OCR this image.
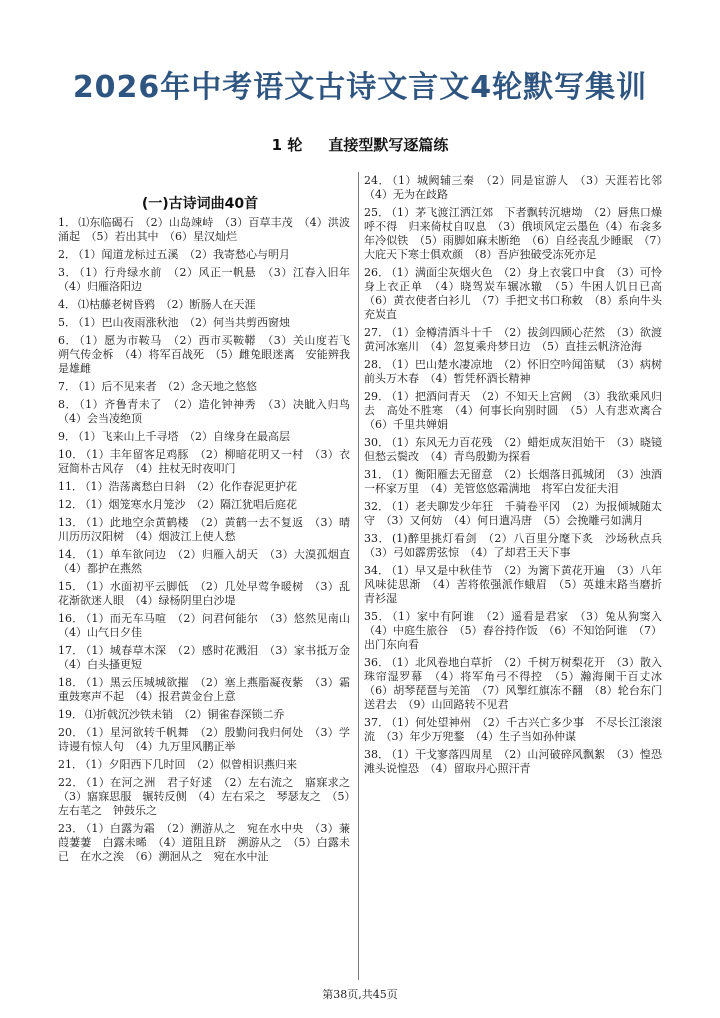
2026年中考语文古诗文言文4轮默写集训
1 轮 直接型默写逐篇练
(一)古诗词曲40首

1． ⑴东临碣石　（2）山岛竦峙　（3）百草丰茂　（4）洪波涌起　（5）若出其中　（6）星汉灿烂

2． （1）闻道龙标过五溪　（2）我寄愁心与明月

3． （1）行舟绿水前　（2）风正一帆悬　（3）江春入旧年　（4）归雁洛阳边

4． ⑴枯藤老树昏鸦　（2）断肠人在天涯

5． （1）巴山夜雨涨秋池　（2）何当共剪西窗烛

6． （1）愿为市鞍马　（2）西市买鞍鞯　（3）关山度若飞　朔气传金柝　（4）将军百战死　（5）雌兔眼迷离　安能辨我是雄雌

7． （1）后不见来者　（2）念天地之悠悠

8． （1）齐鲁青未了　（2）造化钟神秀　（3）决眦入归鸟　（4）会当凌绝顶

9． （1）飞来山上千寻塔　（2）自缘身在最高层

10． （1）丰年留客足鸡豚　（2）柳暗花明又一村　（3）衣冠简朴古风存　（4）拄杖无时夜叩门

11． （1）浩荡离愁白日斜　（2）化作春泥更护花

12． （1）烟笼寒水月笼沙　（2）隔江犹唱后庭花

13． （1）此地空余黄鹤楼　（2）黄鹤一去不复返　（3）晴川历历汉阳树　（4）烟波江上使人愁

14． （1）单车欲问边　（2）归雁入胡天　（3）大漠孤烟直　（4）都护在燕然

15． （1）水面初平云脚低　（2）几处早莺争暖树　（3）乱花渐欲迷人眼　（4）绿杨阴里白沙堤

16． （1）而无车马喧　（2）问君何能尔　（3）悠然见南山　（4）山气日夕佳

17． （1）城春草木深　（2）感时花溅泪　（3）家书抵万金　（4）白头搔更短

18． （1）黑云压城城欲摧　（2）塞上燕脂凝夜紫　（3）霜重鼓寒声不起　（4）报君黄金台上意

19． ⑴折戟沉沙铁未销　（2）铜雀春深锁二乔

20． （1）星河欲转千帆舞　（2）殷勤问我归何处　（3）学诗谩有惊人句　（4）九万里风鹏正举

21． （1）夕阳西下几时回　（2）似曾相识燕归来

22． （1）在河之洲　君子好逑　（2）左右流之　寤寐求之　（3）寤寐思服　辗转反侧　（4）左右采之　琴瑟友之　（5）左右芼之　钟鼓乐之

23． （1）白露为霜　（2）溯游从之　宛在水中央　（3）蒹葭萋萋　白露未晞　（4）道阻且跻　溯游从之　（5）白露未已　在水之涘　（6）溯洄从之　宛在水中沚

24． （1）城阙辅三秦　（2）同是宦游人　（3）天涯若比邻　（4）无为在歧路

25． （1）茅飞渡江洒江郊　下者飘转沉塘坳　（2）唇焦口燥呼不得　归来倚杖自叹息　（3）俄顷风定云墨色（4）布衾多年冷似铁　（5）雨脚如麻未断绝　（6）自经丧乱少睡眠　（7）大庇天下寒士俱欢颜　（8）吾庐独破受冻死亦足

26． （1）满面尘灰烟火色　（2）身上衣裳口中食　（3）可怜身上衣正单　（4）晓驾炭车辗冰辙　（5）牛困人饥日已高　（6）黄衣使者白衫儿　（7）手把文书口称敕　（8）系向牛头充炭直

27． （1）金樽清酒斗十千　（2）拔剑四顾心茫然　（3）欲渡黄河冰塞川　（4）忽复乘舟梦日边　（5）直挂云帆济沧海

28． （1）巴山楚水凄凉地　（2）怀旧空吟闻笛赋　（3）病树前头万木春　（4）暂凭杯酒长精神

29． （1）把酒问青天　（2）不知天上宫阙　（3）我欲乘风归去　高处不胜寒　（4）何事长向别时圆　（5）人有悲欢离合　（6）千里共婵娟

30． （1）东风无力百花残　（2）蜡炬成灰泪始干　（3）晓镜但愁云鬓改　（4）青鸟殷勤为探看

31． （1）衡阳雁去无留意　（2）长烟落日孤城闭　（3）浊酒一杯家万里　（4）羌管悠悠霜满地　将军白发征夫泪

32． （1）老夫聊发少年狂　千骑卷平冈　（2）为报倾城随太守　（3）又何妨　（4）何日遣冯唐　（5）会挽雕弓如满月

33． (1)醉里挑灯看剑　（2）八百里分麾下炙　沙场秋点兵　（3）弓如霹雳弦惊　（4）了却君王天下事

34． （1）早又是中秋佳节　（2）为篱下黄花开遍　（3）八年风味徒思渐　（4）苦将侬强派作蛾眉　（5）英雄末路当磨折　青衫湿

35． （1）家中有阿谁　（2）遥看是君家　（3）兔从狗窦入　（4）中庭生旅谷　（5）舂谷持作饭　（6）不知饴阿谁　（7）出门东向看

36． （1）北风卷地白草折　（2）千树万树梨花开　（3）散入珠帘湿罗幕　（4）将军角弓不得控　（5）瀚海阑干百丈冰　（6）胡琴琵琶与羌笛　（7）风掣红旗冻不翻　（8）轮台东门送君去　（9）山回路转不见君

37． （1）何处望神州　（2）千古兴亡多少事　不尽长江滚滚流　（3）年少万兜鍪　（4）生子当如孙仲谋

38． （1）干戈寥落四周星　（2）山河破碎风飘絮　（3）惶恐滩头说惶恐　（4）留取丹心照汗青

第38页,共45页
